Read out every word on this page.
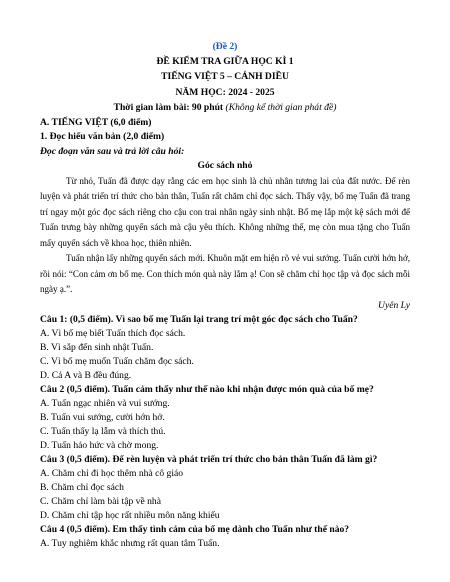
(Đề 2)
ĐỀ KIỂM TRA GIỮA HỌC KÌ 1
TIẾNG VIỆT 5 – CÁNH DIỀU
NĂM HỌC: 2024 - 2025
Thời gian làm bài: 90 phút (Không kể thời gian phát đề)
A. TIẾNG VIỆT (6,0 điểm)
1. Đọc hiểu văn bản (2,0 điểm)
Đọc đoạn văn sau và trả lời câu hỏi:
Góc sách nhỏ

Từ nhỏ, Tuấn đã được dạy rằng các em học sinh là chủ nhân tương lai của đất nước. Để rèn luyện và phát triển trí thức cho bản thân, Tuấn rất chăm chỉ đọc sách. Thấy vậy, bố mẹ Tuấn đã trang trí ngay một góc đọc sách riêng cho cậu con trai nhân ngày sinh nhật. Bố mẹ lắp một kệ sách mới để Tuấn trưng bày những quyển sách mà cậu yêu thích. Không những thế, mẹ còn mua tặng cho Tuấn mấy quyển sách về khoa học, thiên nhiên.

Tuấn nhận lấy những quyển sách mới. Khuôn mặt em hiện rõ vẻ vui sướng. Tuấn cười hớn hở, rồi nói: “Con cảm ơn bố mẹ. Con thích món quà này lắm ạ! Con sẽ chăm chỉ học tập và đọc sách mỗi ngày ạ.”.

Uyên Ly
Câu 1: (0,5 điểm). Vì sao bố mẹ Tuấn lại trang trí một góc đọc sách cho Tuấn?
A. Vì bố mẹ biết Tuấn thích đọc sách.
B. Vì sắp đến sinh nhật Tuấn.
C. Vì bố mẹ muốn Tuấn chăm đọc sách.
D. Cả A và B đều đúng.
Câu 2 (0,5 điểm). Tuấn cảm thấy như thế nào khi nhận được món quà của bố mẹ?
A. Tuấn ngạc nhiên và vui sướng.
B. Tuấn vui sướng, cười hớn hở.
C. Tuấn thấy lạ lẫm và thích thú.
D. Tuấn háo hức và chờ mong.
Câu 3 (0,5 điểm). Để rèn luyện và phát triển trí thức cho bản thân Tuấn đã làm gì?
A. Chăm chỉ đi học thêm nhà cô giáo
B. Chăm chỉ đọc sách
C. Chăm chỉ làm bài tập về nhà
D. Chăm chỉ tập học rất nhiều môn năng khiếu
Câu 4 (0,5 điểm). Em thấy tình cảm của bố mẹ dành cho Tuấn như thế nào?
A. Tuy nghiêm khắc nhưng rất quan tâm Tuấn.
